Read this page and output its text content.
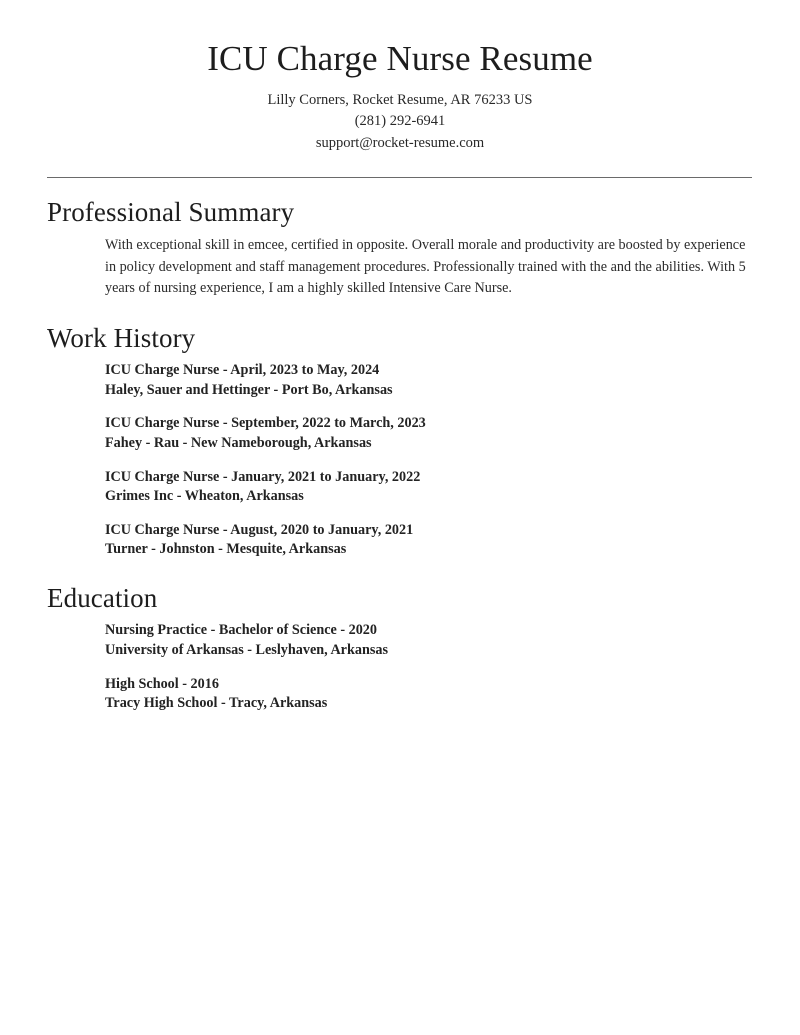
ICU Charge Nurse Resume
Lilly Corners, Rocket Resume, AR 76233 US
(281) 292-6941
support@rocket-resume.com
Professional Summary

With exceptional skill in emcee, certified in opposite. Overall morale and productivity are boosted by experience in policy development and staff management procedures. Professionally trained with the and the abilities. With 5 years of nursing experience, I am a highly skilled Intensive Care Nurse.

Work History
ICU Charge Nurse - April, 2023 to May, 2024
Haley, Sauer and Hettinger - Port Bo, Arkansas
ICU Charge Nurse - September, 2022 to March, 2023
Fahey - Rau - New Nameborough, Arkansas
ICU Charge Nurse - January, 2021 to January, 2022
Grimes Inc - Wheaton, Arkansas
ICU Charge Nurse - August, 2020 to January, 2021
Turner - Johnston - Mesquite, Arkansas
Education
Nursing Practice - Bachelor of Science - 2020
University of Arkansas - Leslyhaven, Arkansas
High School - 2016
Tracy High School - Tracy, Arkansas
